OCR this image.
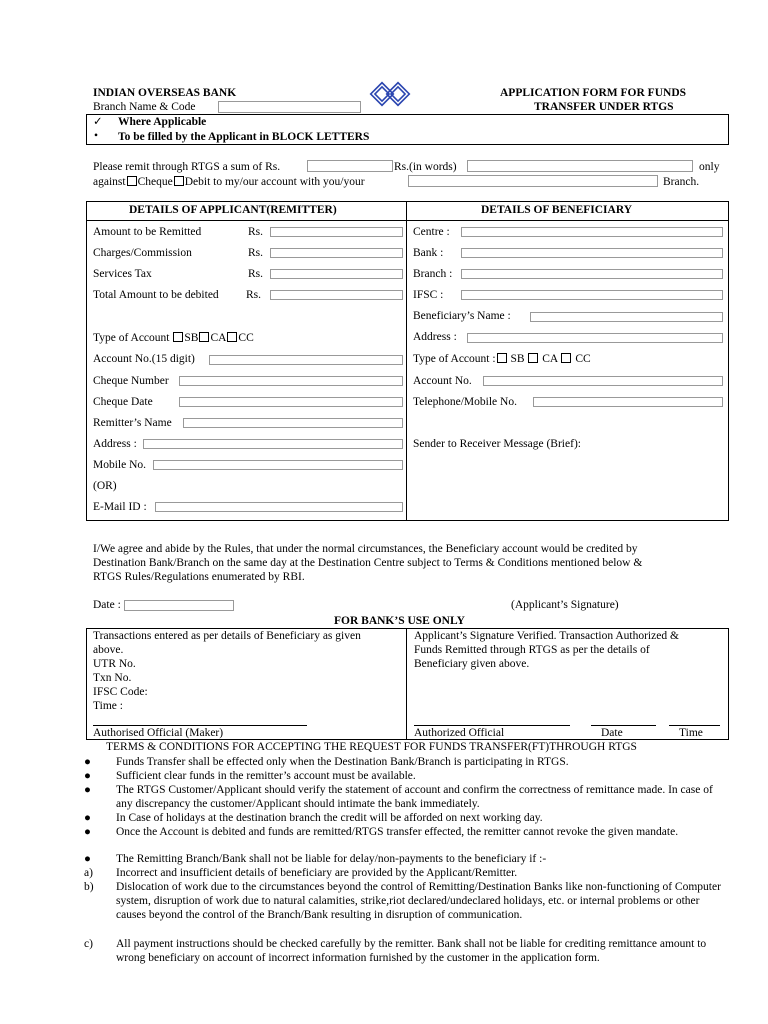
INDIAN OVERSEAS BANK
Branch Name & Code
APPLICATION FORM FOR FUNDS
TRANSFER UNDER RTGS
✓ Where Applicable
• To be filled by the Applicant in BLOCK LETTERS
Please remit through RTGS a sum of Rs.	Rs.(in words)	only
against Cheque Debit to my/our account with you/your	Branch.
DETAILS OF APPLICANT(REMITTER)	DETAILS OF BENEFICIARY
Amount to be Remitted	Rs.
Charges/Commission	Rs.
Services Tax	Rs.
Total Amount to be debited Rs.
Type of Account SB CA CC
Account No.(15 digit)
Cheque Number
Cheque Date
Remitter’s Name
Address :
Mobile No.
(OR)
E-Mail ID :
Centre :
Bank :
Branch :
IFSC :
Beneficiary’s Name :
Address :
Type of Account : SB CA CC
Account No.
Telephone/Mobile No.
Sender to Receiver Message (Brief):
I/We agree and abide by the Rules, that under the normal circumstances, the Beneficiary account would be credited by
Destination Bank/Branch on the same day at the Destination Centre subject to Terms & Conditions mentioned below &
RTGS Rules/Regulations enumerated by RBI.
Date :	(Applicant’s Signature)
FOR BANK’S USE ONLY
Transactions entered as per details of Beneficiary as given
above.
UTR No.
Txn No.
IFSC Code:
Time :
Authorised Official (Maker)
Applicant’s Signature Verified. Transaction Authorized &
Funds Remitted through RTGS as per the details of
Beneficiary given above.
Authorized Official	Date	Time
TERMS & CONDITIONS FOR ACCEPTING THE REQUEST FOR FUNDS TRANSFER(FT)THROUGH RTGS
●	Funds Transfer shall be effected only when the Destination Bank/Branch is participating in RTGS.
●	Sufficient clear funds in the remitter’s account must be available.
●	The RTGS Customer/Applicant should verify the statement of account and confirm the correctness of remittance made. In case of any discrepancy the customer/Applicant should intimate the bank immediately.
●	In Case of holidays at the destination branch the credit will be afforded on next working day.
●	Once the Account is debited and funds are remitted/RTGS transfer effected, the remitter cannot revoke the given mandate.
●	The Remitting Branch/Bank shall not be liable for delay/non-payments to the beneficiary if :-
a)	Incorrect and insufficient details of beneficiary are provided by the Applicant/Remitter.
b)	Dislocation of work due to the circumstances beyond the control of Remitting/Destination Banks like non-functioning of Computer system, disruption of work due to natural calamities, strike,riot declared/undeclared holidays, etc. or internal problems or other causes beyond the control of the Branch/Bank resulting in disruption of communication.
c)	All payment instructions should be checked carefully by the remitter. Bank shall not be liable for crediting remittance amount to wrong beneficiary on account of incorrect information furnished by the customer in the application form.
